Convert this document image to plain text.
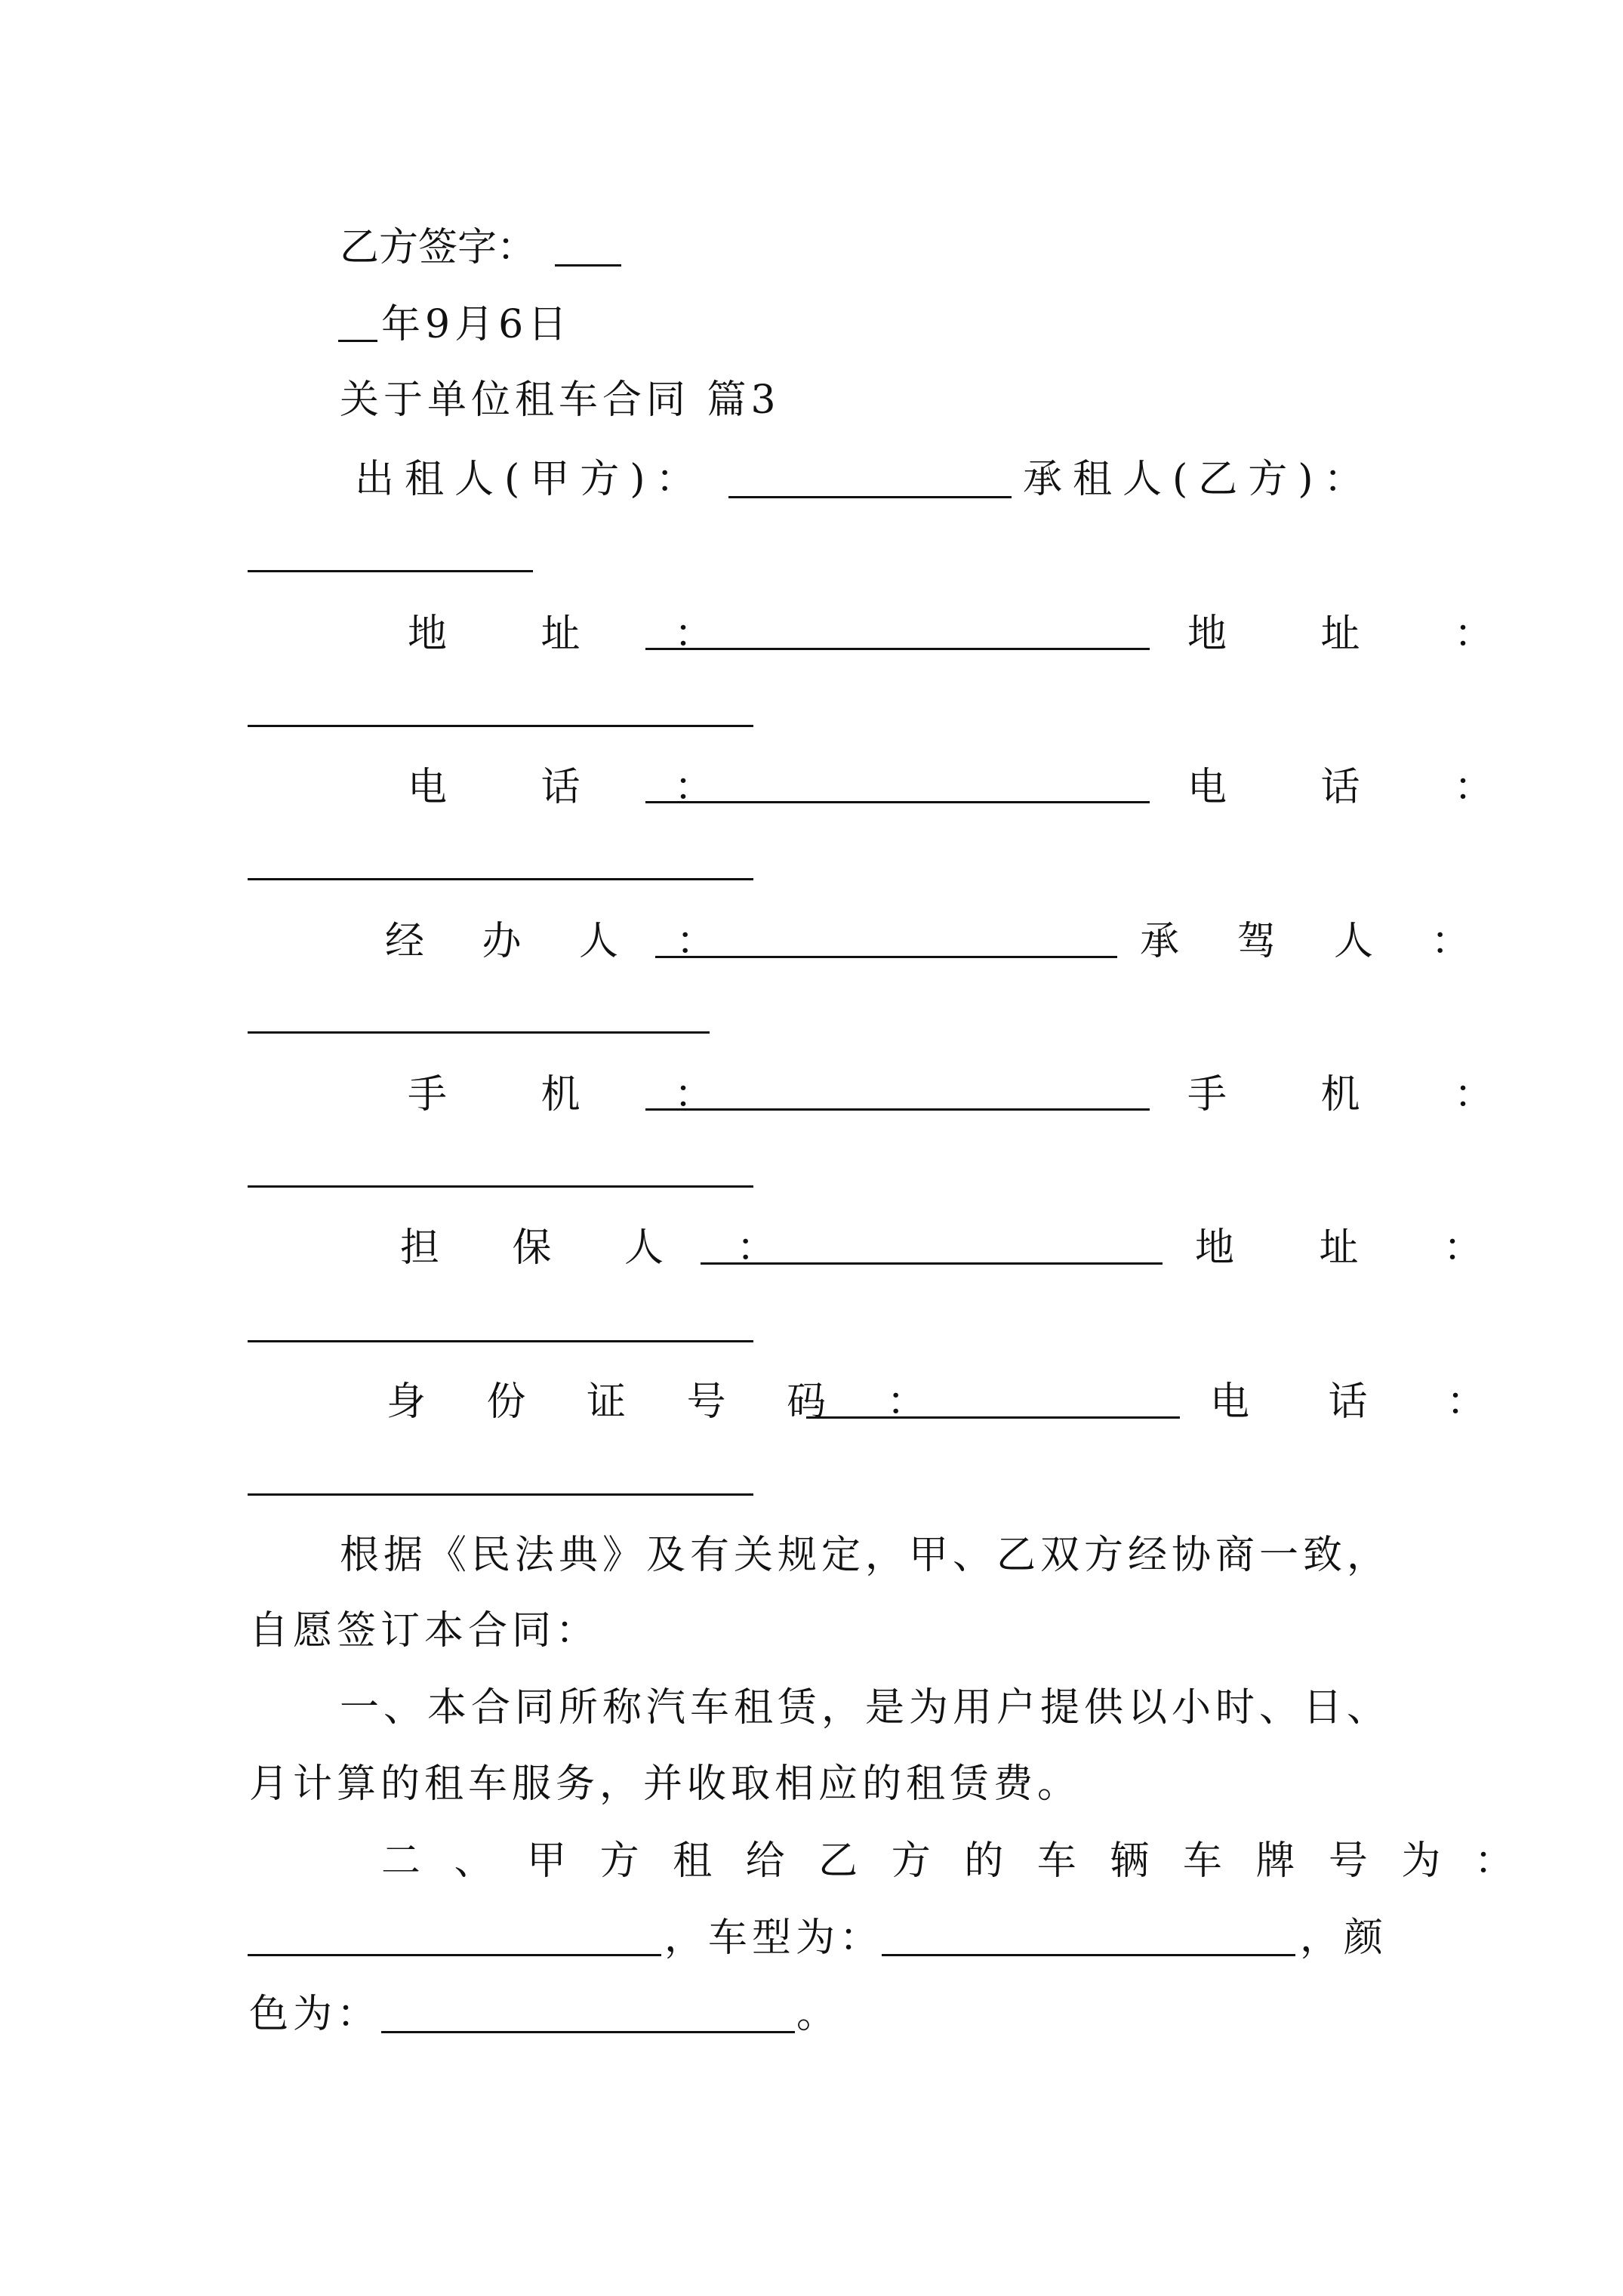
乙方签字：
年9月6日
关于单位租车合同 篇3
出租人(甲方)：	承租人(乙方)：
地 址 ：	地 址 ：
电 话 ：	电 话 ：
经 办 人 ：	承 驾 人 ：
手 机 ：	手 机 ：
担 保 人 ：	地 址 ：
身 份 证 号 码 ：	电 话 ：
根据《民法典》及有关规定，甲、乙双方经协商一致，
自愿签订本合同：
一、本合同所称汽车租赁，是为用户提供以小时、日、
月计算的租车服务，并收取相应的租赁费。
二 、 甲 方 租 给 乙 方 的 车 辆 车 牌 号 为 ：
，车型为：	，颜
色为：	。
